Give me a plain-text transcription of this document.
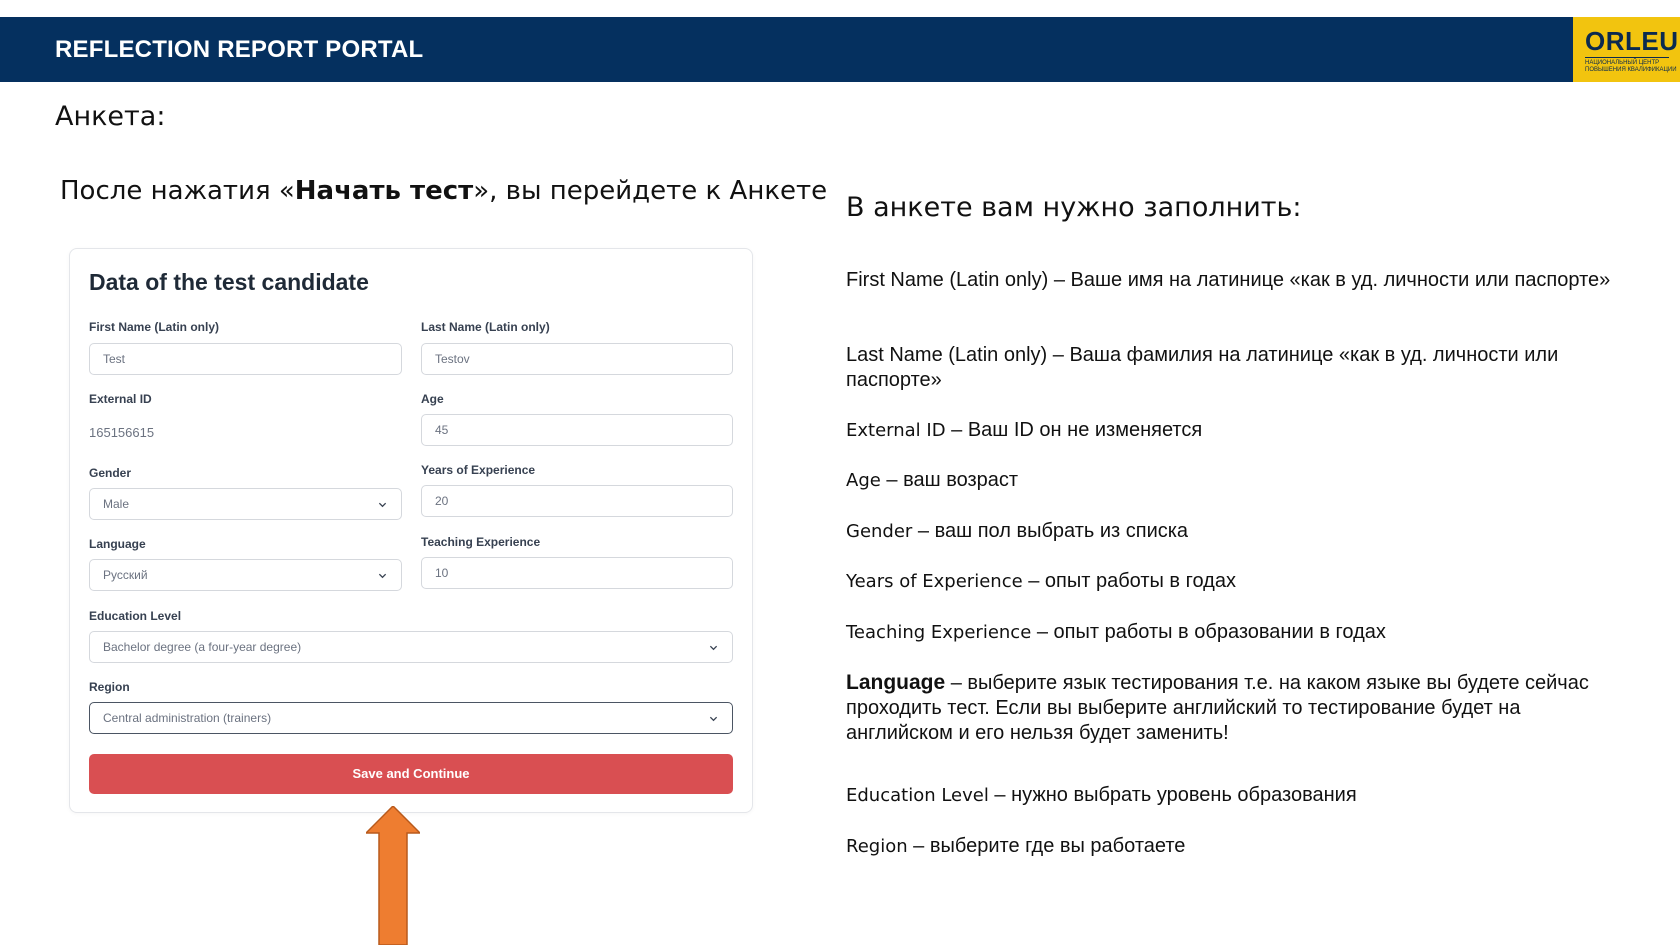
REFLECTION REPORT PORTAL	ORLEU
НАЦИОНАЛЬНЫЙ ЦЕНТР
ПОВЫШЕНИЯ КВАЛИФИКАЦИИ
Анкета:
После нажатия «Начать тест», вы перейдете к Анкете
Data of the test candidate
First Name (Latin only)
Test	Last Name (Latin only)
Testov
External ID
165156615
Age
45
Gender
Male
Years of Experience
20
Language
Русский
Teaching Experience
10
Education Level
Bachelor degree (a four-year degree)
Region
Central administration (trainers)
Save and Continue
В анкете вам нужно заполнить:
First Name (Latin only) – Ваше имя на латинице «как в уд. личности или паспорте»
Last Name (Latin only) – Ваша фамилия на латинице «как в уд. личности или паспорте»
External ID – Ваш ID он не изменяется
Age – ваш возраст
Gender – ваш пол выбрать из списка
Years of Experience – опыт работы в годах
Teaching Experience – опыт работы в образовании в годах
Language – выберите язык тестирования т.е. на каком языке вы будете сейчас проходить тест. Если вы выберите английский то тестирование будет на английском и его нельзя будет заменить!
Education Level – нужно выбрать уровень образования
Region – выберите где вы работаете
